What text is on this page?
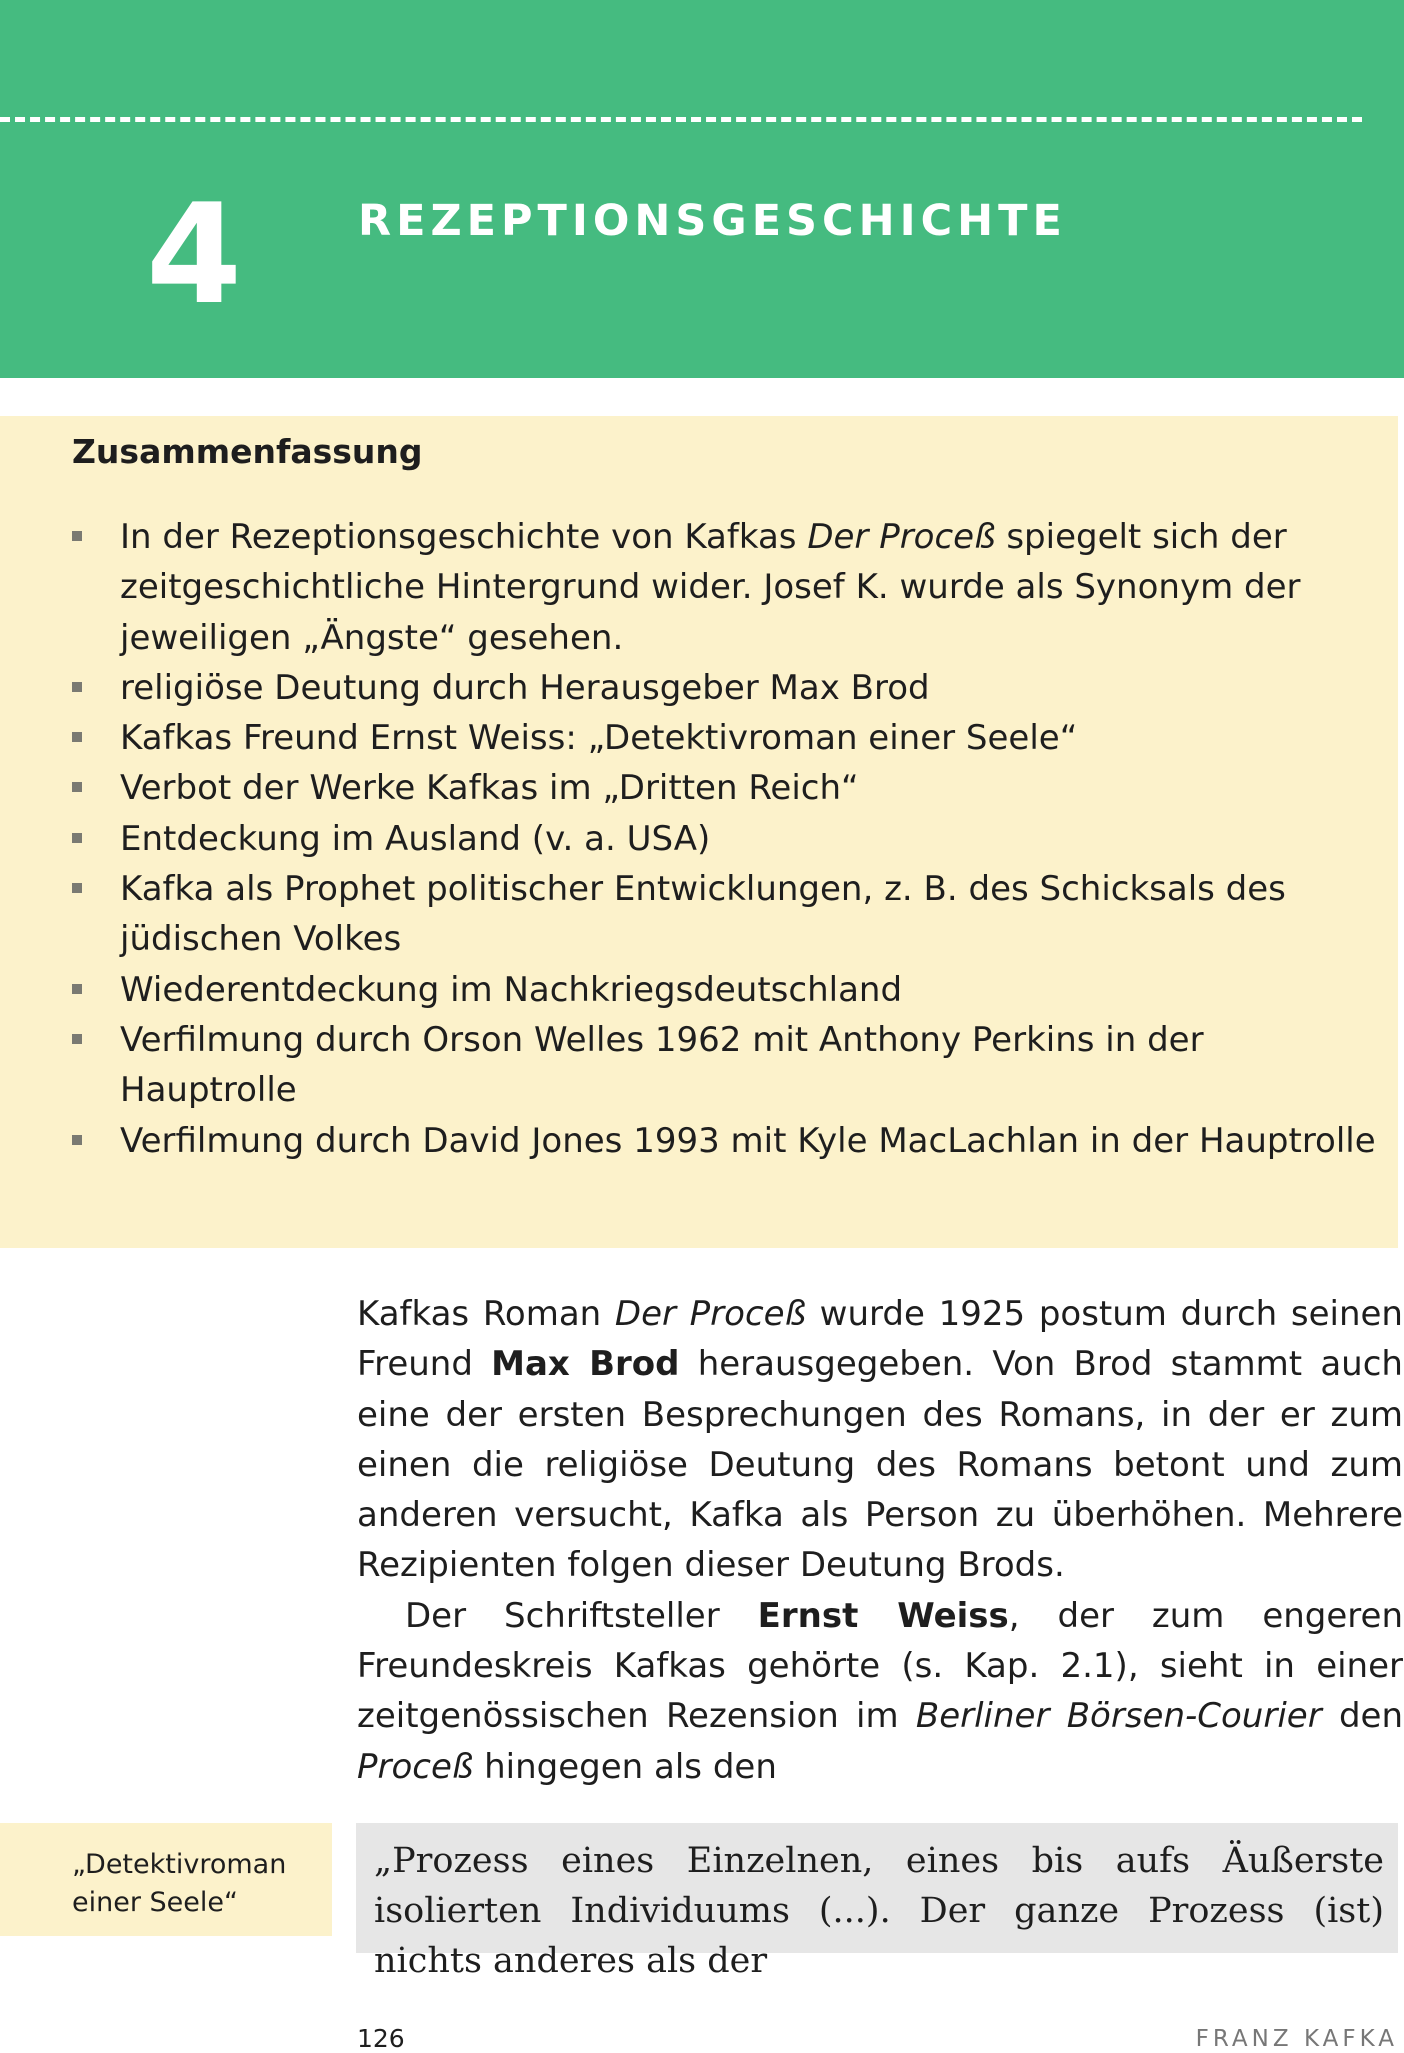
4	REZEPTIONSGESCHICHTE
Zusammenfassung
In der Rezeptionsgeschichte von Kafkas Der Proceß spiegelt sich der zeitgeschichtliche Hintergrund wider. Josef K. wurde als Synonym der jeweiligen „Ängste“ gesehen.
religiöse Deutung durch Herausgeber Max Brod
Kafkas Freund Ernst Weiss: „Detektivroman einer Seele“
Verbot der Werke Kafkas im „Dritten Reich“
Entdeckung im Ausland (v. a. USA)
Kafka als Prophet politischer Entwicklungen, z. B. des Schicksals des jüdischen Volkes
Wiederentdeckung im Nachkriegsdeutschland
Verfilmung durch Orson Welles 1962 mit Anthony Perkins in der Hauptrolle
Verfilmung durch David Jones 1993 mit Kyle MacLachlan in der Hauptrolle

Kafkas Roman Der Proceß wurde 1925 postum durch seinen Freund Max Brod herausgegeben. Von Brod stammt auch eine der ersten Besprechungen des Romans, in der er zum einen die religiöse Deutung des Romans betont und zum anderen versucht, Kafka als Person zu überhöhen. Mehrere Rezipienten folgen dieser Deutung Brods.

Der Schriftsteller Ernst Weiss, der zum engeren Freundeskreis Kafkas gehörte (s. Kap. 2.1), sieht in einer zeitgenössischen Rezension im Berliner Börsen-Courier den Proceß hingegen als den

„Detektivroman einer Seele“
„Prozess eines Einzelnen, eines bis aufs Äußerste isolierten Individuums (...). Der ganze Prozess (ist) nichts anderes als der
126	FRANZ KAFKA
